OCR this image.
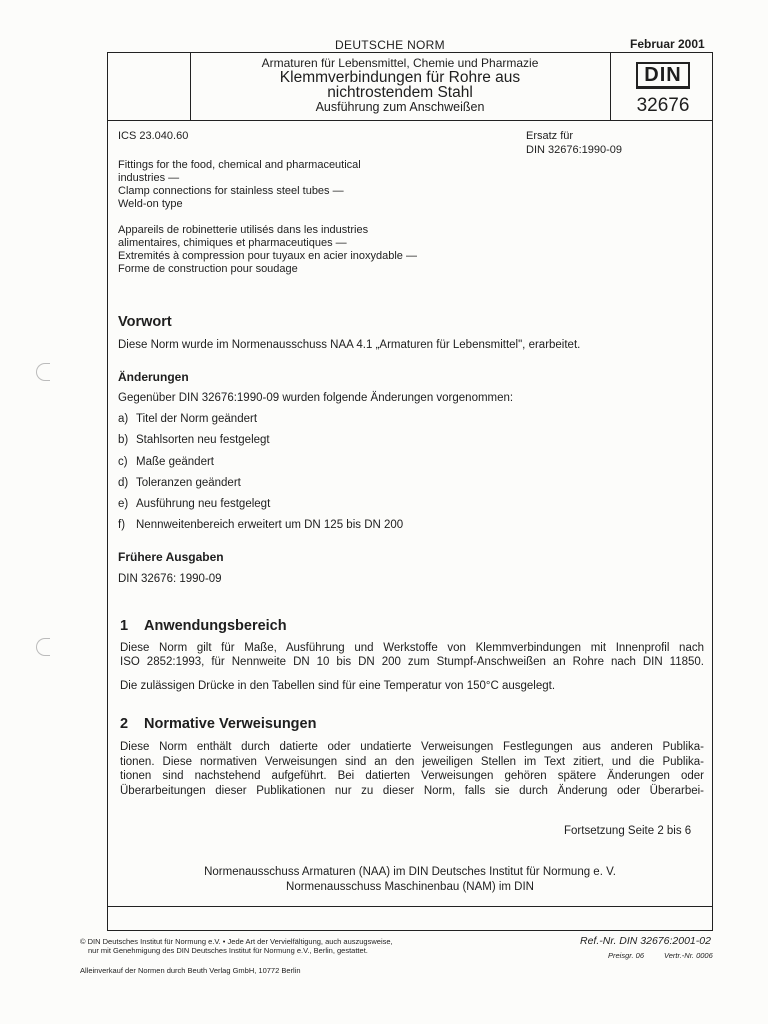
DEUTSCHE NORM	Februar 2001
Armaturen für Lebensmittel, Chemie und Pharmazie
Klemmverbindungen für Rohre aus
nichtrostendem Stahl
Ausführung zum Anschweißen
DIN
32676
ICS 23.040.60	Ersatz für
DIN 32676:1990-09
Fittings for the food, chemical and pharmaceutical
industries —
Clamp connections for stainless steel tubes —
Weld-on type
Appareils de robinetterie utilisés dans les industries
alimentaires, chimiques et pharmaceutiques —
Extremités à compression pour tuyaux en acier inoxydable —
Forme de construction pour soudage
Vorwort
Diese Norm wurde im Normenausschuss NAA 4.1 „Armaturen für Lebensmittel", erarbeitet.
Änderungen
Gegenüber DIN 32676:1990-09 wurden folgende Änderungen vorgenommen:
a) Titel der Norm geändert
b) Stahlsorten neu festgelegt
c) Maße geändert
d) Toleranzen geändert
e) Ausführung neu festgelegt
f) Nennweitenbereich erweitert um DN 125 bis DN 200
Frühere Ausgaben
DIN 32676: 1990-09
1 Anwendungsbereich
Diese Norm gilt für Maße, Ausführung und Werkstoffe von Klemmverbindungen mit Innenprofil nach
ISO 2852:1993, für Nennweite DN 10 bis DN 200 zum Stumpf-Anschweißen an Rohre nach DIN 11850.
Die zulässigen Drücke in den Tabellen sind für eine Temperatur von 150°C ausgelegt.
2 Normative Verweisungen
Diese Norm enthält durch datierte oder undatierte Verweisungen Festlegungen aus anderen Publika-
tionen. Diese normativen Verweisungen sind an den jeweiligen Stellen im Text zitiert, und die Publika-
tionen sind nachstehend aufgeführt. Bei datierten Verweisungen gehören spätere Änderungen oder
Überarbeitungen dieser Publikationen nur zu dieser Norm, falls sie durch Änderung oder Überarbei-
Fortsetzung Seite 2 bis 6
Normenausschuss Armaturen (NAA) im DIN Deutsches Institut für Normung e. V.
Normenausschuss Maschinenbau (NAM) im DIN
© DIN Deutsches Institut für Normung e.V. • Jede Art der Vervielfältigung, auch auszugsweise,
nur mit Genehmigung des DIN Deutsches Institut für Normung e.V., Berlin, gestattet.
Alleinverkauf der Normen durch Beuth Verlag GmbH, 10772 Berlin
Ref.-Nr. DIN 32676:2001-02
Preisgr. 06	Vertr.-Nr. 0006
